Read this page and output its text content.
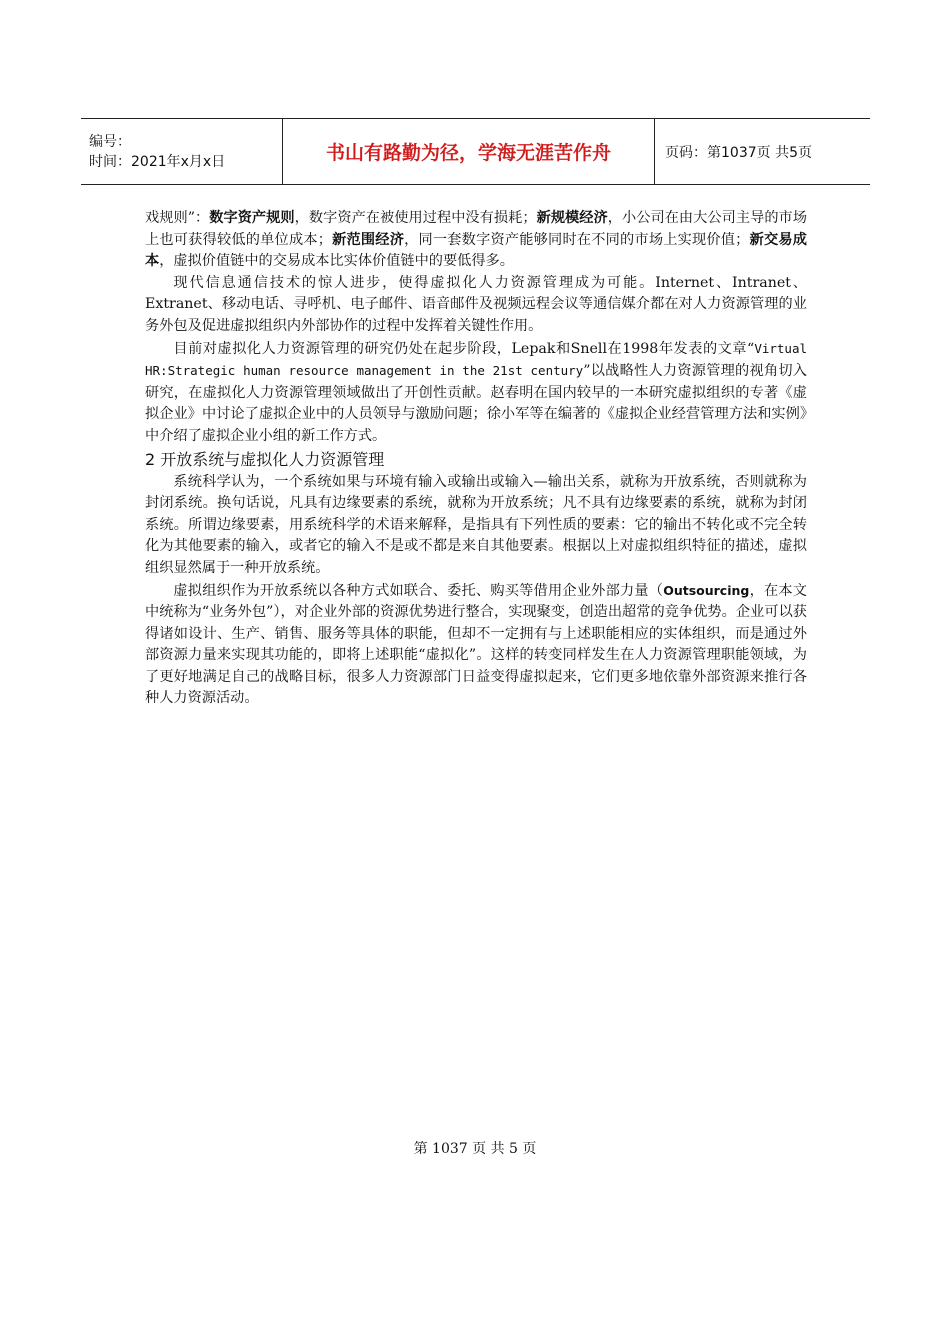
编号：
时间：2021年x月x日	书山有路勤为径，学海无涯苦作舟	页码：第1037页 共5页

戏规则”：数字资产规则，数字资产在被使用过程中没有损耗；新规模经济，小公司在由大公司主导的市场上也可获得较低的单位成本；新范围经济，同一套数字资产能够同时在不同的市场上实现价值；新交易成本，虚拟价值链中的交易成本比实体价值链中的要低得多。

现代信息通信技术的惊人进步，使得虚拟化人力资源管理成为可能。Internet、Intranet、Extranet、移动电话、寻呼机、电子邮件、语音邮件及视频远程会议等通信媒介都在对人力资源管理的业务外包及促进虚拟组织内外部协作的过程中发挥着关键性作用。

目前对虚拟化人力资源管理的研究仍处在起步阶段，Lepak和Snell在1998年发表的文章“Virtual HR:Strategic human resource management in the 21st century”以战略性人力资源管理的视角切入研究，在虚拟化人力资源管理领域做出了开创性贡献。赵春明在国内较早的一本研究虚拟组织的专著《虚拟企业》中讨论了虚拟企业中的人员领导与激励问题；徐小军等在编著的《虚拟企业经营管理方法和实例》中介绍了虚拟企业小组的新工作方式。

2 开放系统与虚拟化人力资源管理

系统科学认为，一个系统如果与环境有输入或输出或输入—输出关系，就称为开放系统，否则就称为封闭系统。换句话说，凡具有边缘要素的系统，就称为开放系统；凡不具有边缘要素的系统，就称为封闭系统。所谓边缘要素，用系统科学的术语来解释，是指具有下列性质的要素：它的输出不转化或不完全转化为其他要素的输入，或者它的输入不是或不都是来自其他要素。根据以上对虚拟组织特征的描述，虚拟组织显然属于一种开放系统。

虚拟组织作为开放系统以各种方式如联合、委托、购买等借用企业外部力量（Outsourcing，在本文中统称为“业务外包”），对企业外部的资源优势进行整合，实现聚变，创造出超常的竞争优势。企业可以获得诸如设计、生产、销售、服务等具体的职能，但却不一定拥有与上述职能相应的实体组织，而是通过外部资源力量来实现其功能的，即将上述职能“虚拟化”。这样的转变同样发生在人力资源管理职能领域，为了更好地满足自己的战略目标，很多人力资源部门日益变得虚拟起来，它们更多地依靠外部资源来推行各种人力资源活动。

第 1037 页 共 5 页
